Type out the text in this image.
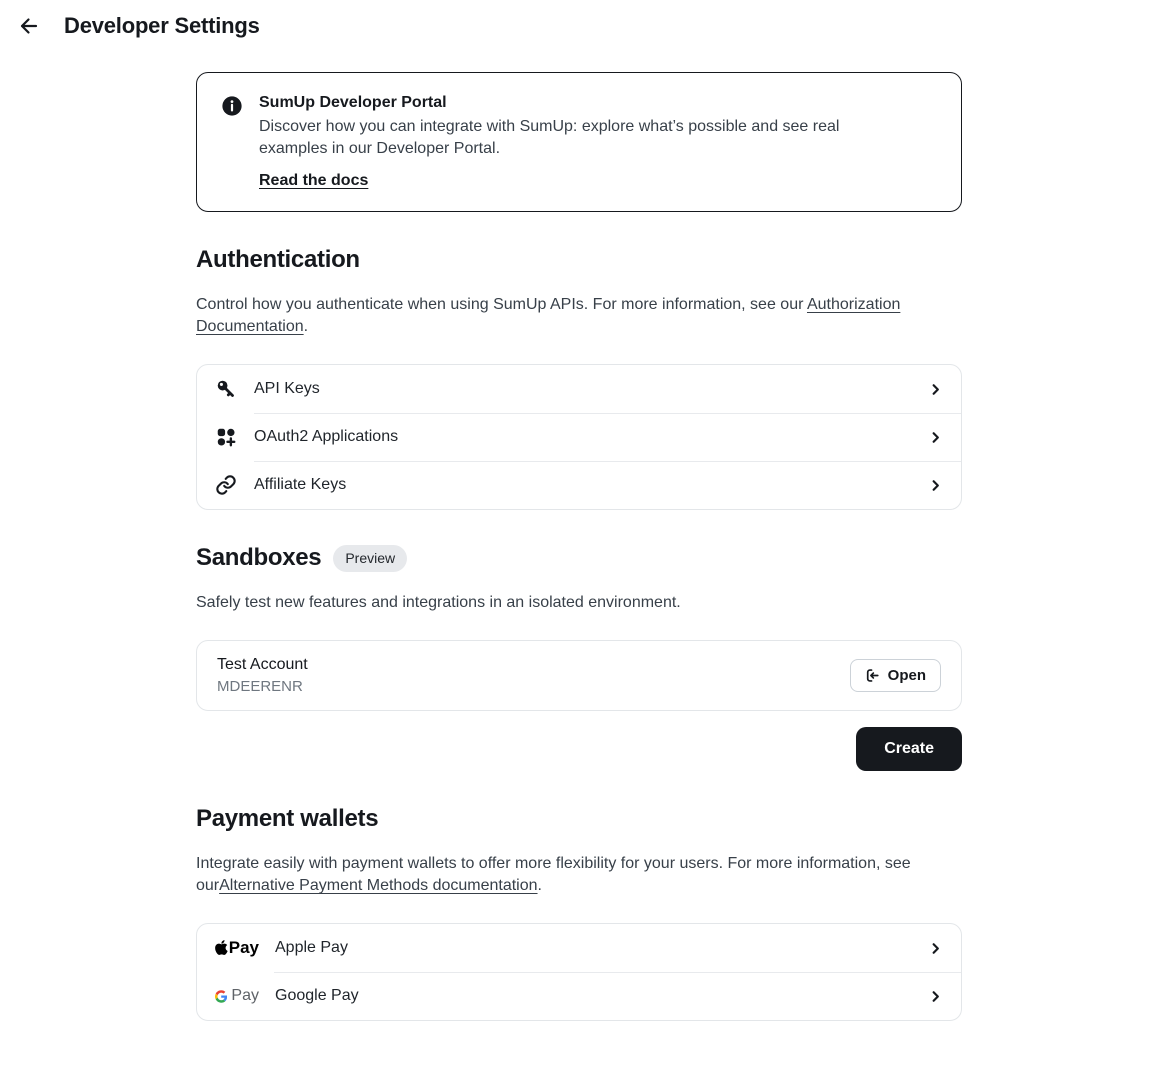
Developer Settings
SumUp Developer Portal

Discover how you can integrate with SumUp: explore what’s possible and see real examples in our Developer Portal.

Read the docs
Authentication

Control how you authenticate when using SumUp APIs. For more information, see our Authorization Documentation.

API Keys
OAuth2 Applications
Affiliate Keys
Sandboxes	Preview

Safely test new features and integrations in an isolated environment.

Test Account
MDEERENR
Open
Create
Payment wallets

Integrate easily with payment wallets to offer more flexibility for your users. For more information, see ourAlternative Payment Methods documentation.

Pay Apple Pay
Pay Google Pay
